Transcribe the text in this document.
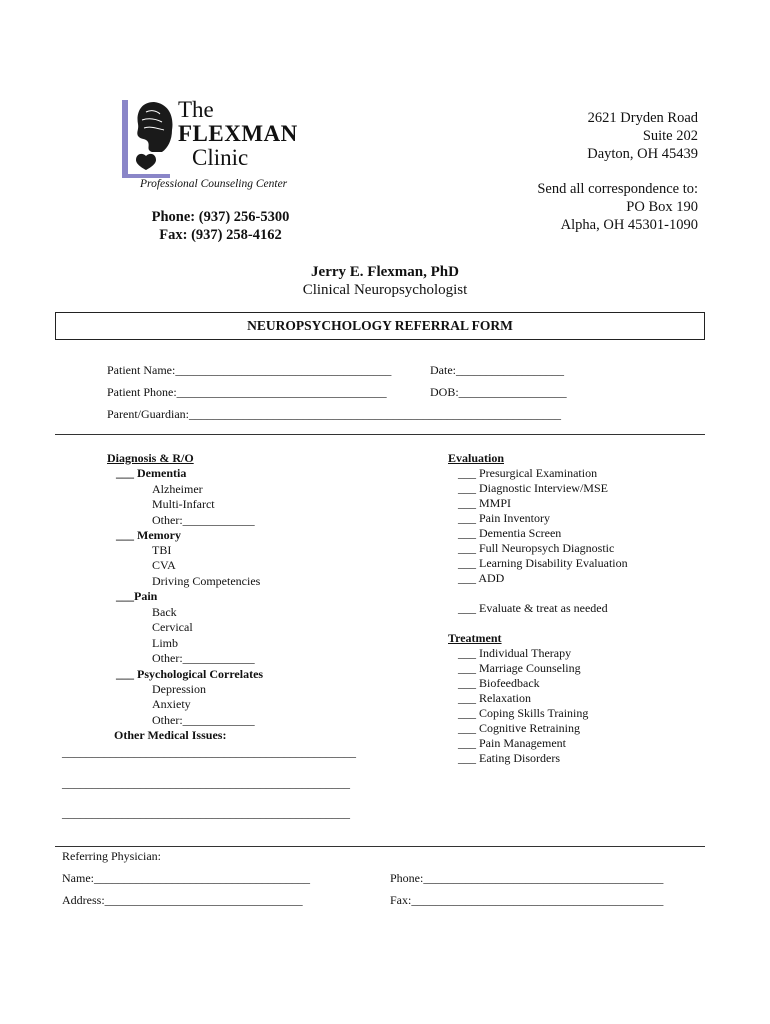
The
FLEXMAN
Clinic
Professional Counseling Center
2621 Dryden Road
Suite 202
Dayton, OH 45439
Send all correspondence to:
PO Box 190
Alpha, OH 45301-1090
Phone: (937) 256-5300
Fax: (937) 258-4162
Jerry E. Flexman, PhD
Clinical Neuropsychologist
NEUROPSYCHOLOGY REFERRAL FORM
Patient Name:____________________________________	Date:__________________
Patient Phone:___________________________________	DOB:__________________
Parent/Guardian:______________________________________________________________
Diagnosis & R/O
___ Dementia
Alzheimer
Multi-Infarct
Other:____________
___ Memory
TBI
CVA
Driving Competencies
___Pain
Back
Cervical
Limb
Other:____________
___ Psychological Correlates
Depression
Anxiety
Other:____________
Other Medical Issues:
_________________________________________________
________________________________________________
________________________________________________
Evaluation
___ Presurgical Examination
___ Diagnostic Interview/MSE
___ MMPI
___ Pain Inventory
___ Dementia Screen
___ Full Neuropsych Diagnostic
___ Learning Disability Evaluation
___ ADD
___ Evaluate & treat as needed
Treatment
___ Individual Therapy
___ Marriage Counseling
___ Biofeedback
___ Relaxation
___ Coping Skills Training
___ Cognitive Retraining
___ Pain Management
___ Eating Disorders
Referring Physician:
Name:____________________________________	Phone:________________________________________
Address:_________________________________	Fax:__________________________________________
